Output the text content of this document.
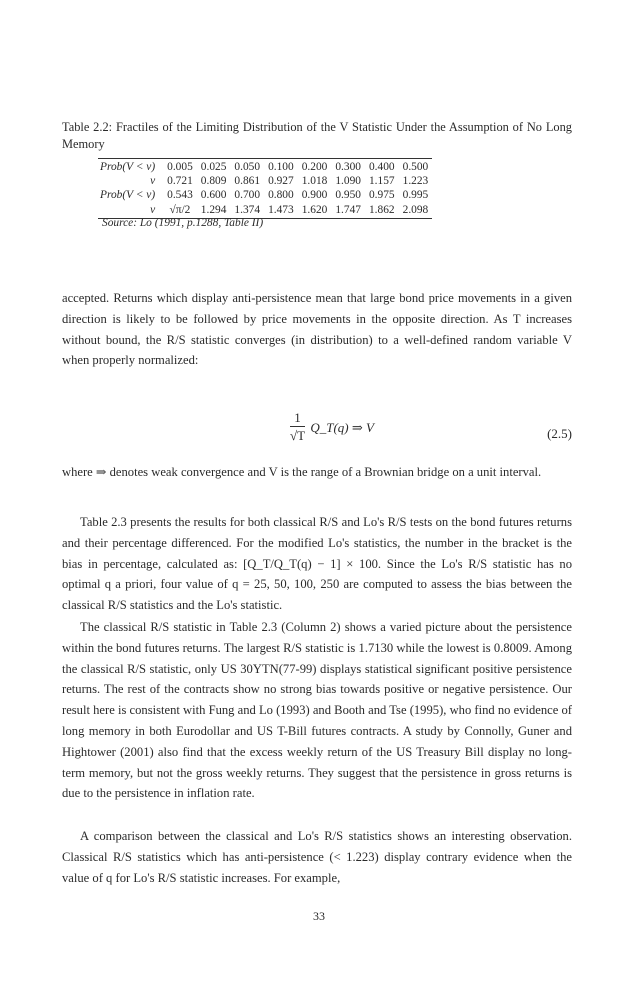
Table 2.2: Fractiles of the Limiting Distribution of the V Statistic Under the Assumption of No Long Memory
Prob(V < v)	0.005	0.025	0.050	0.100	0.200	0.300	0.400	0.500
v	0.721	0.809	0.861	0.927	1.018	1.090	1.157	1.223
Prob(V < v)	0.543	0.600	0.700	0.800	0.900	0.950	0.975	0.995
v	√π/2	1.294	1.374	1.473	1.620	1.747	1.862	2.098
Source: Lo (1991, p.1288, Table II)

accepted. Returns which display anti-persistence mean that large bond price movements in a given direction is likely to be followed by price movements in the opposite direction. As T increases without bound, the R/S statistic converges (in distribution) to a well-defined random variable V when properly normalized:

$\frac{1}{√T}$ Q_T(q) ⇒ V	(2.5)

where ⇒ denotes weak convergence and V is the range of a Brownian bridge on a unit interval.

Table 2.3 presents the results for both classical R/S and Lo's R/S tests on the bond futures returns and their percentage differenced. For the modified Lo's statistics, the number in the bracket is the bias in percentage, calculated as: [Q_T/Q_T(q) − 1] × 100. Since the Lo's R/S statistic has no optimal q a priori, four value of q = 25, 50, 100, 250 are computed to assess the bias between the classical R/S statistics and the Lo's statistic.

The classical R/S statistic in Table 2.3 (Column 2) shows a varied picture about the persistence within the bond futures returns. The largest R/S statistic is 1.7130 while the lowest is 0.8009. Among the classical R/S statistic, only US 30YTN(77-99) displays statistical significant positive persistence returns. The rest of the contracts show no strong bias towards positive or negative persistence. Our result here is consistent with Fung and Lo (1993) and Booth and Tse (1995), who find no evidence of long memory in both Eurodollar and US T-Bill futures contracts. A study by Connolly, Guner and Hightower (2001) also find that the excess weekly return of the US Treasury Bill display no long-term memory, but not the gross weekly returns. They suggest that the persistence in gross returns is due to the persistence in inflation rate.

A comparison between the classical and Lo's R/S statistics shows an interesting observation. Classical R/S statistics which has anti-persistence (< 1.223) display contrary evidence when the value of q for Lo's R/S statistic increases. For example,

33
